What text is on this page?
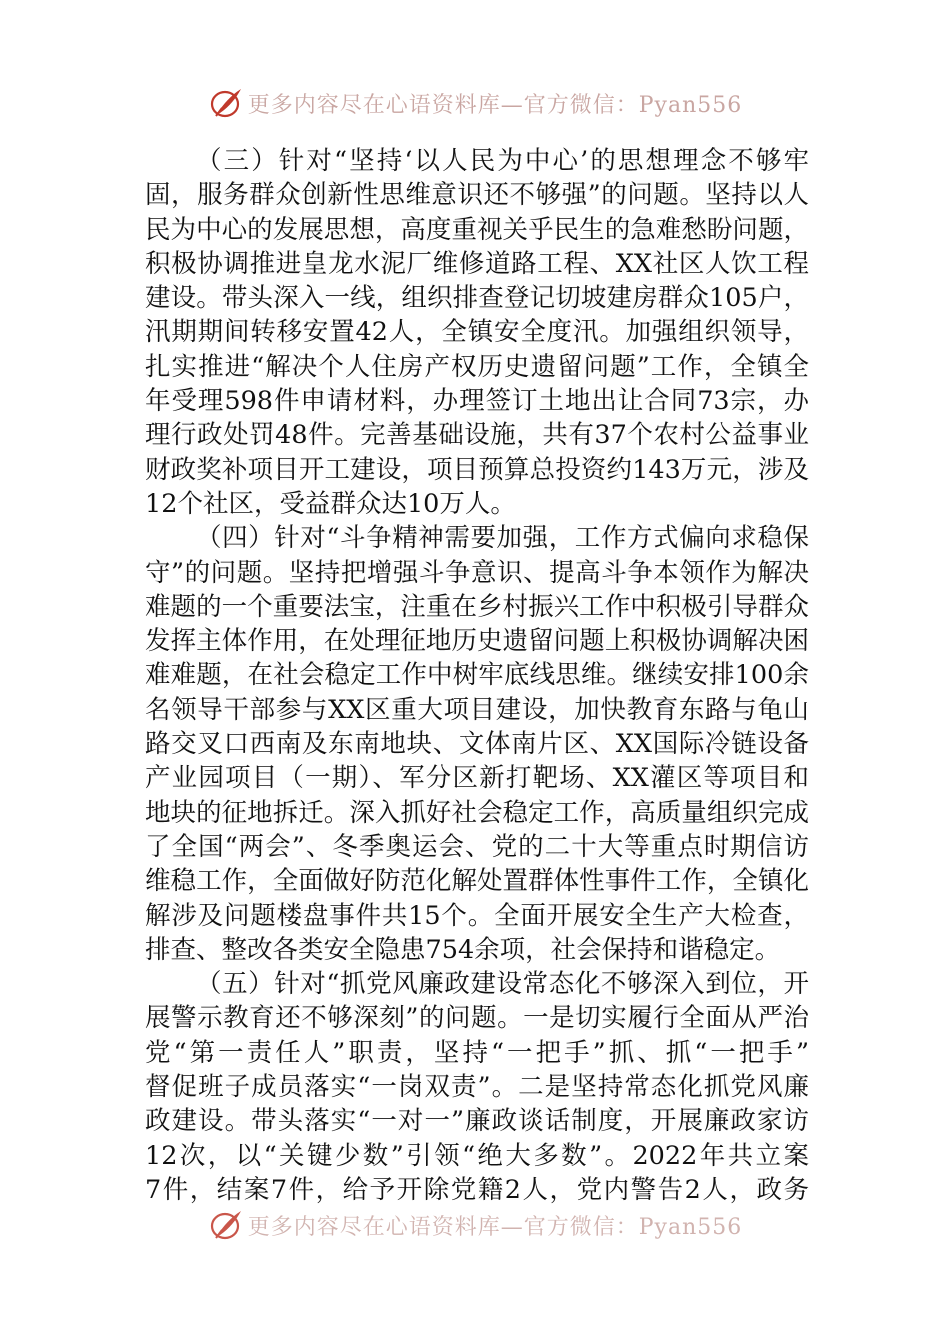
更多内容尽在心语资料库—官方微信：Pyan556

（三）针对“坚持‘以人民为中心’的思想理念不够牢
固，服务群众创新性思维意识还不够强”的问题。坚持以人
民为中心的发展思想，高度重视关乎民生的急难愁盼问题，
积极协调推进皇龙水泥厂维修道路工程、XX社区人饮工程
建设。带头深入一线，组织排查登记切坡建房群众105户，
汛期期间转移安置42人，全镇安全度汛。加强组织领导，
扎实推进“解决个人住房产权历史遗留问题”工作，全镇全
年受理598件申请材料，办理签订土地出让合同73宗，办
理行政处罚48件。完善基础设施，共有37个农村公益事业
财政奖补项目开工建设，项目预算总投资约143万元，涉及
12个社区，受益群众达10万人。

（四）针对“斗争精神需要加强，工作方式偏向求稳保
守”的问题。坚持把增强斗争意识、提高斗争本领作为解决
难题的一个重要法宝，注重在乡村振兴工作中积极引导群众
发挥主体作用，在处理征地历史遗留问题上积极协调解决困
难难题，在社会稳定工作中树牢底线思维。继续安排100余
名领导干部参与XX区重大项目建设，加快教育东路与龟山
路交叉口西南及东南地块、文体南片区、XX国际冷链设备
产业园项目（一期）、军分区新打靶场、XX灌区等项目和
地块的征地拆迁。深入抓好社会稳定工作，高质量组织完成
了全国“两会”、冬季奥运会、党的二十大等重点时期信访
维稳工作，全面做好防范化解处置群体性事件工作，全镇化
解涉及问题楼盘事件共15个。全面开展安全生产大检查，
排查、整改各类安全隐患754余项，社会保持和谐稳定。

（五）针对“抓党风廉政建设常态化不够深入到位，开
展警示教育还不够深刻”的问题。一是切实履行全面从严治
党“第一责任人”职责，坚持“一把手”抓、抓“一把手”
督促班子成员落实“一岗双责”。二是坚持常态化抓党风廉
政建设。带头落实“一对一”廉政谈话制度，开展廉政家访
12次，以“关键少数”引领“绝大多数”。2022年共立案
7件，结案7件，给予开除党籍2人，党内警告2人，政务

更多内容尽在心语资料库—官方微信：Pyan556
